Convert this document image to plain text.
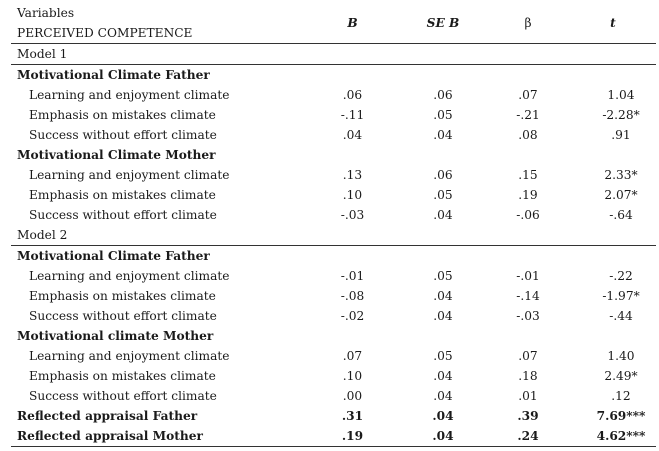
Variables	B	SE B	β	t
PERCEIVED COMPETENCE				
Model 1				
Motivational Climate Father				
Learning and enjoyment climate	.06	.06	.07	1.04
Emphasis on mistakes climate	-.11	.05	-.21	-2.28*
Success without effort climate	.04	.04	.08	.91
Motivational Climate Mother				
Learning and enjoyment climate	.13	.06	.15	2.33*
Emphasis on mistakes climate	.10	.05	.19	2.07*
Success without effort climate	-.03	.04	-.06	-.64
Model 2				
Motivational Climate Father				
Learning and enjoyment climate	-.01	.05	-.01	-.22
Emphasis on mistakes climate	-.08	.04	-.14	-1.97*
Success without effort climate	-.02	.04	-.03	-.44
Motivational climate Mother				
Learning and enjoyment climate	.07	.05	.07	1.40
Emphasis on mistakes climate	.10	.04	.18	2.49*
Success without effort climate	.00	.04	.01	.12
Reflected appraisal Father	.31	.04	.39	7.69***
Reflected appraisal Mother	.19	.04	.24	4.62***
